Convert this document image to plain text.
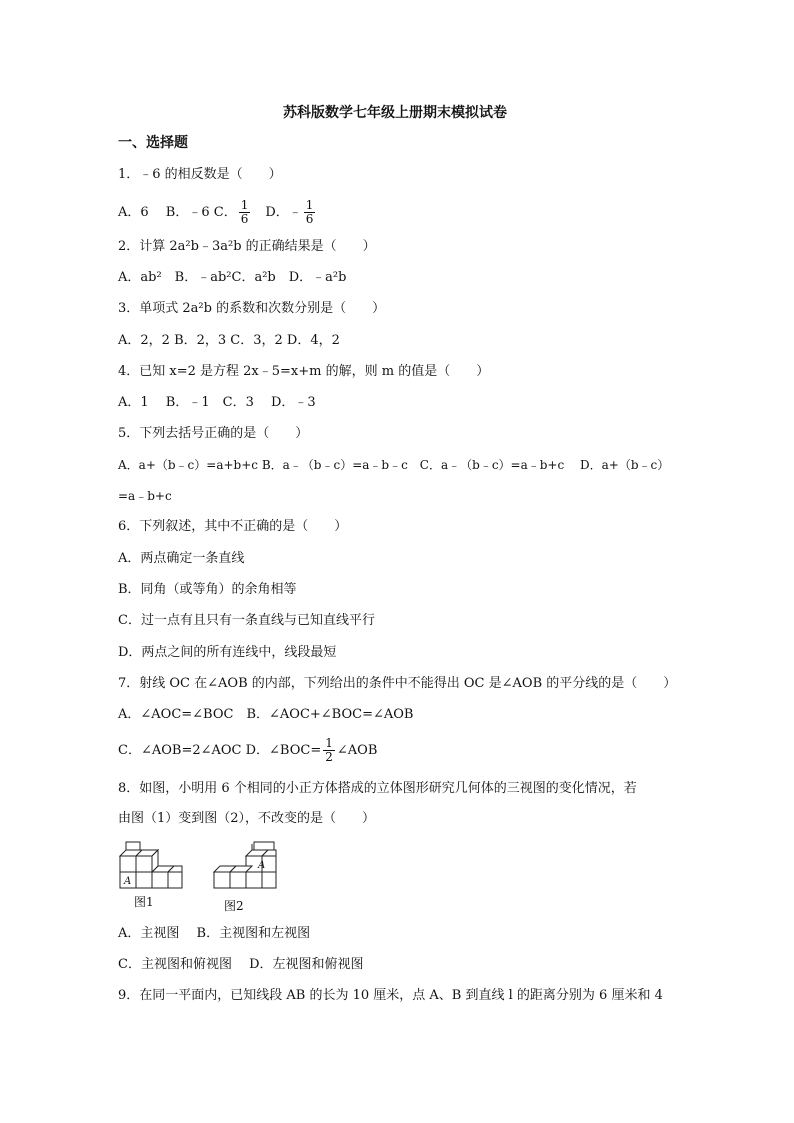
苏科版数学七年级上册期末模拟试卷
一、选择题
1．﹣6 的相反数是（　　）
A．6　 B．﹣6 C． $\frac{1}{6}$ 　D．﹣ $\frac{1}{6}$
2．计算 2a²b﹣3a²b 的正确结果是（　　）
A．ab²　B．﹣ab²C．a²b　D．﹣a²b
3．单项式 2a²b 的系数和次数分别是（　　）
A．2，2 B．2，3 C．3，2 D．4，2
4．已知 x=2 是方程 2x﹣5=x+m 的解，则 m 的值是（　　）
A．1　 B．﹣1　C．3　 D．﹣3
5．下列去括号正确的是（　　）
A．a+（b﹣c）=a+b+c B．a﹣（b﹣c）=a﹣b﹣c　C．a﹣（b﹣c）=a﹣b+c　 D．a+（b﹣c）
=a﹣b+c
6．下列叙述，其中不正确的是（　　）
A．两点确定一条直线
B．同角（或等角）的余角相等
C．过一点有且只有一条直线与已知直线平行
D．两点之间的所有连线中，线段最短
7．射线 OC 在∠AOB 的内部，下列给出的条件中不能得出 OC 是∠AOB 的平分线的是（　　）
A．∠AOC=∠BOC　B．∠AOC+∠BOC=∠AOB
C．∠AOB=2∠AOC D．∠BOC= $\frac{1}{2}$ ∠AOB
8．如图，小明用 6 个相同的小正方体搭成的立体图形研究几何体的三视图的变化情况，若
由图（1）变到图（2），不改变的是（　　）
A
图1
A
图2
A．主视图　 B．主视图和左视图
C．主视图和俯视图　 D．左视图和俯视图
9．在同一平面内，已知线段 AB 的长为 10 厘米，点 A、B 到直线 l 的距离分别为 6 厘米和 4
